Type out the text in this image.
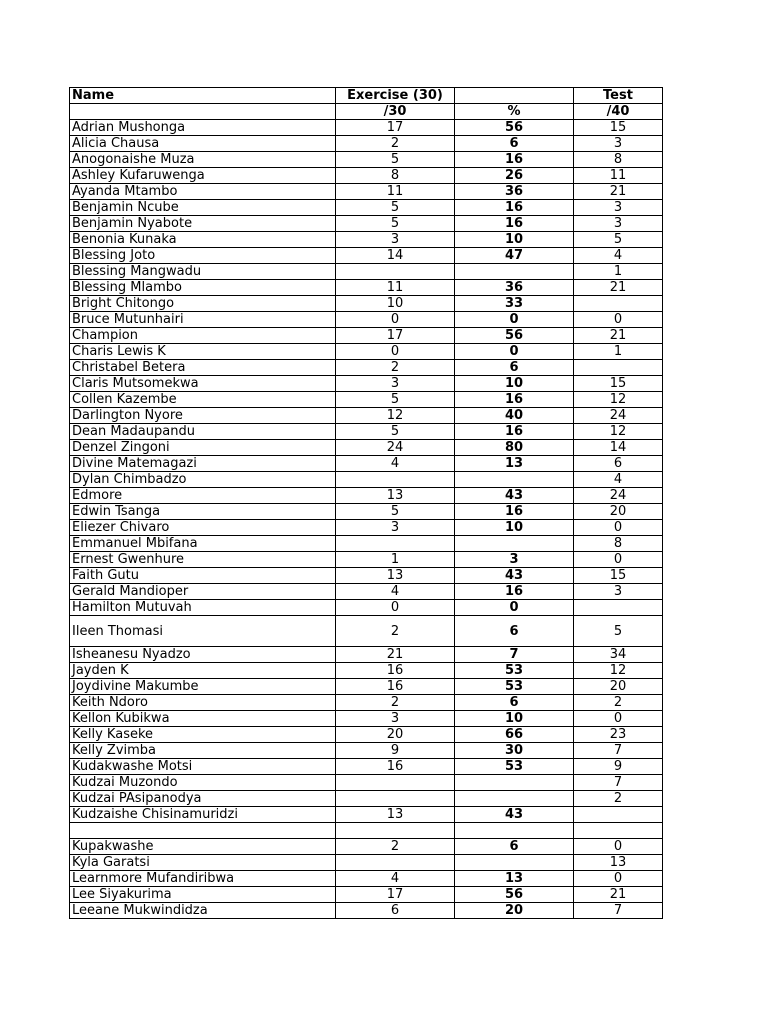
Name	Exercise (30)		Test
	/30	%	/40
Adrian Mushonga	17	56	15
Alicia Chausa	2	6	3
Anogonaishe Muza	5	16	8
Ashley Kufaruwenga	8	26	11
Ayanda Mtambo	11	36	21
Benjamin Ncube	5	16	3
Benjamin Nyabote	5	16	3
Benonia Kunaka	3	10	5
Blessing Joto	14	47	4
Blessing Mangwadu			1
Blessing Mlambo	11	36	21
Bright Chitongo	10	33	
Bruce Mutunhairi	0	0	0
Champion	17	56	21
Charis Lewis K	0	0	1
Christabel Betera	2	6	
Claris Mutsomekwa	3	10	15
Collen Kazembe	5	16	12
Darlington Nyore	12	40	24
Dean Madaupandu	5	16	12
Denzel Zingoni	24	80	14
Divine Matemagazi	4	13	6
Dylan Chimbadzo			4
Edmore	13	43	24
Edwin Tsanga	5	16	20
Eliezer Chivaro	3	10	0
Emmanuel Mbifana			8
Ernest Gwenhure	1	3	0
Faith Gutu	13	43	15
Gerald Mandioper	4	16	3
Hamilton Mutuvah	0	0	
Ileen Thomasi	2	6	5
Isheanesu Nyadzo	21	7	34
Jayden K	16	53	12
Joydivine Makumbe	16	53	20
Keith Ndoro	2	6	2
Kellon Kubikwa	3	10	0
Kelly Kaseke	20	66	23
Kelly Zvimba	9	30	7
Kudakwashe Motsi	16	53	9
Kudzai Muzondo			7
Kudzai PAsipanodya			2
Kudzaishe Chisinamuridzi	13	43	

Kupakwashe	2	6	0
Kyla Garatsi			13
Learnmore Mufandiribwa	4	13	0
Lee Siyakurima	17	56	21
Leeane Mukwindidza	6	20	7
